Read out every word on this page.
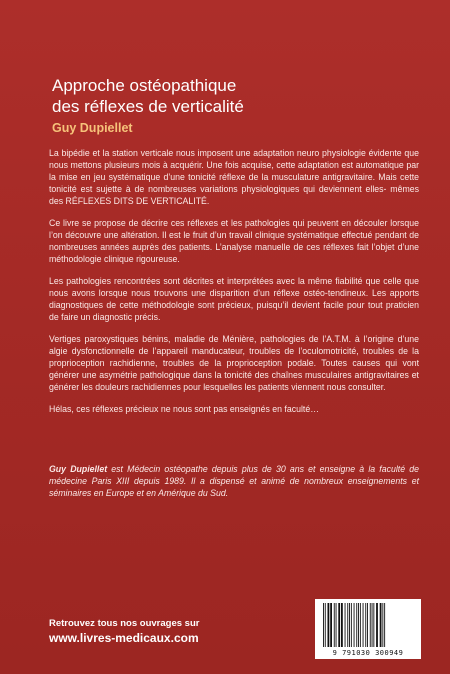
Approche ostéopathique
des réflexes de verticalité
Guy Dupiellet

La bipédie et la station verticale nous imposent une adaptation neuro physiologie évidente que nous mettons plusieurs mois à acquérir. Une fois acquise, cette adaptation est automatique par la mise en jeu systématique d’une tonicité réflexe de la musculature antigravitaire. Mais cette tonicité est sujette à de nombreuses variations physiologiques qui deviennent elles- mêmes des RÉFLEXES DITS DE VERTICALITÉ.

Ce livre se propose de décrire ces réflexes et les pathologies qui peuvent en découler lorsque l’on découvre une altération. Il est le fruit d’un travail clinique systématique effectué pendant de nombreuses années auprès des patients. L’analyse manuelle de ces réflexes fait l’objet d’une méthodologie clinique rigoureuse.

Les pathologies rencontrées sont décrites et interprétées avec la même fiabilité que celle que nous avons lorsque nous trouvons une disparition d’un réflexe ostéo-tendineux. Les apports diagnostiques de cette méthodologie sont précieux, puisqu’il devient facile pour tout praticien de faire un diagnostic précis.

Vertiges paroxystiques bénins, maladie de Ménière, pathologies de l’A.T.M. à l’origine d’une algie dysfonctionnelle de l’appareil manducateur, troubles de l’oculomotricité, troubles de la proprioception rachidienne, troubles de la proprioception podale. Toutes causes qui vont générer une asymétrie pathologique dans la tonicité des chaînes musculaires antigravitaires et générer les douleurs rachidiennes pour lesquelles les patients viennent nous consulter.

Hélas, ces réflexes précieux ne nous sont pas enseignés en faculté…

Guy Dupiellet est Médecin ostéopathe depuis plus de 30 ans et enseigne à la faculté de médecine Paris XIII depuis 1989. Il a dispensé et animé de nombreux enseignements et séminaires en Europe et en Amérique du Sud.

Retrouvez tous nos ouvrages sur
www.livres-medicaux.com
9 791030 300949
